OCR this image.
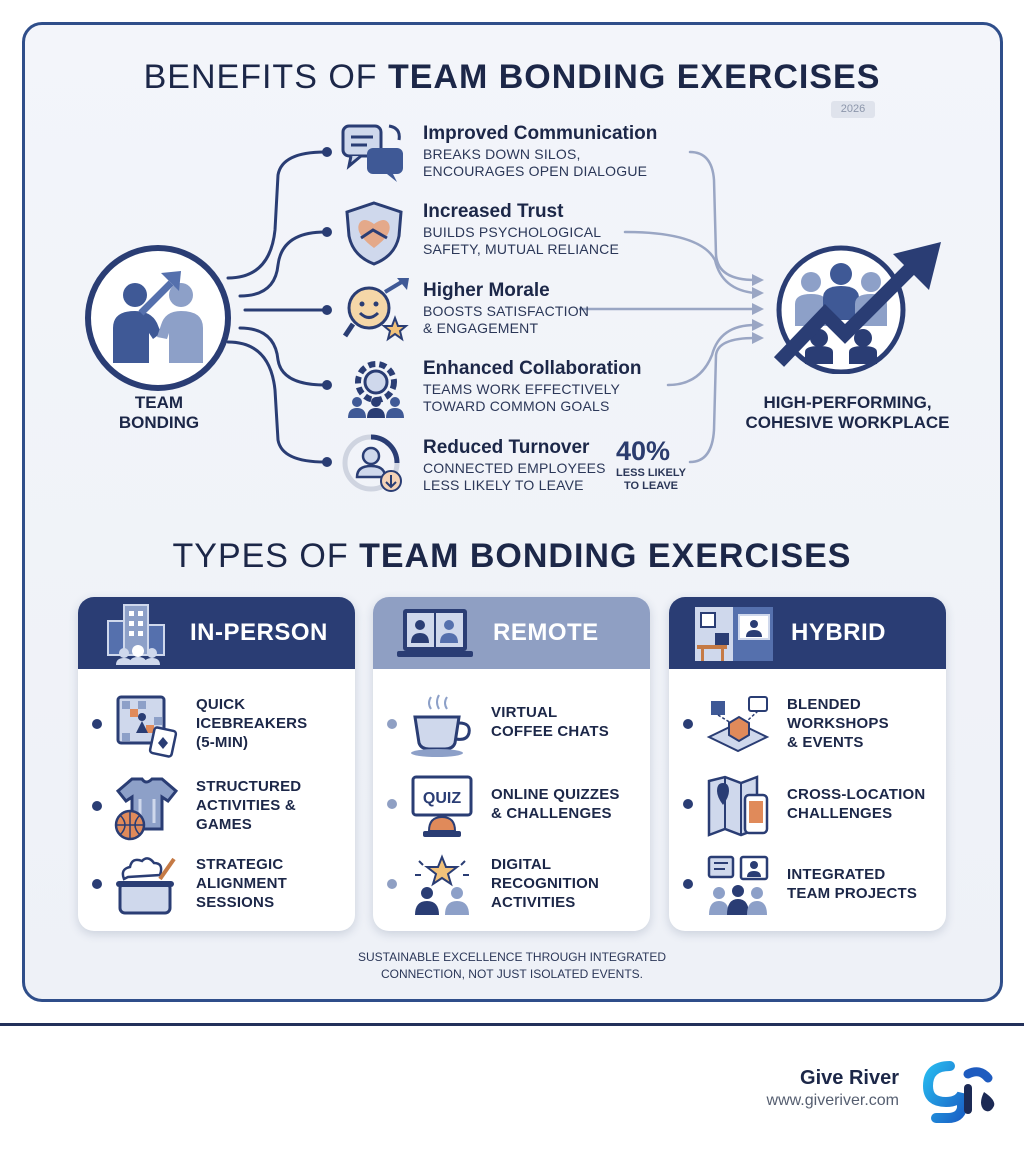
BENEFITS OF TEAM BONDING EXERCISES
2026
TEAM
BONDING
HIGH-PERFORMING,
COHESIVE WORKPLACE
Improved Communication
BREAKS DOWN SILOS,
ENCOURAGES OPEN DIALOGUE
Increased Trust
BUILDS PSYCHOLOGICAL
SAFETY, MUTUAL RELIANCE
Higher Morale
BOOSTS SATISFACTION
& ENGAGEMENT
Enhanced Collaboration
TEAMS WORK EFFECTIVELY
TOWARD COMMON GOALS
Reduced Turnover
CONNECTED EMPLOYEES
LESS LIKELY TO LEAVE
40%
LESS LIKELY
TO LEAVE
TYPES OF TEAM BONDING EXERCISES
IN-PERSON
QUICK
ICEBREAKERS
(5-MIN)
STRUCTURED
ACTIVITIES &
GAMES
STRATEGIC
ALIGNMENT
SESSIONS
REMOTE
VIRTUAL
COFFEE CHATS
QUIZ ONLINE QUIZZES
& CHALLENGES
DIGITAL
RECOGNITION
ACTIVITIES
HYBRID
BLENDED
WORKSHOPS
& EVENTS
CROSS-LOCATION
CHALLENGES
INTEGRATED
TEAM PROJECTS
SUSTAINABLE EXCELLENCE THROUGH INTEGRATED
CONNECTION, NOT JUST ISOLATED EVENTS.
Give River
www.giveriver.com
